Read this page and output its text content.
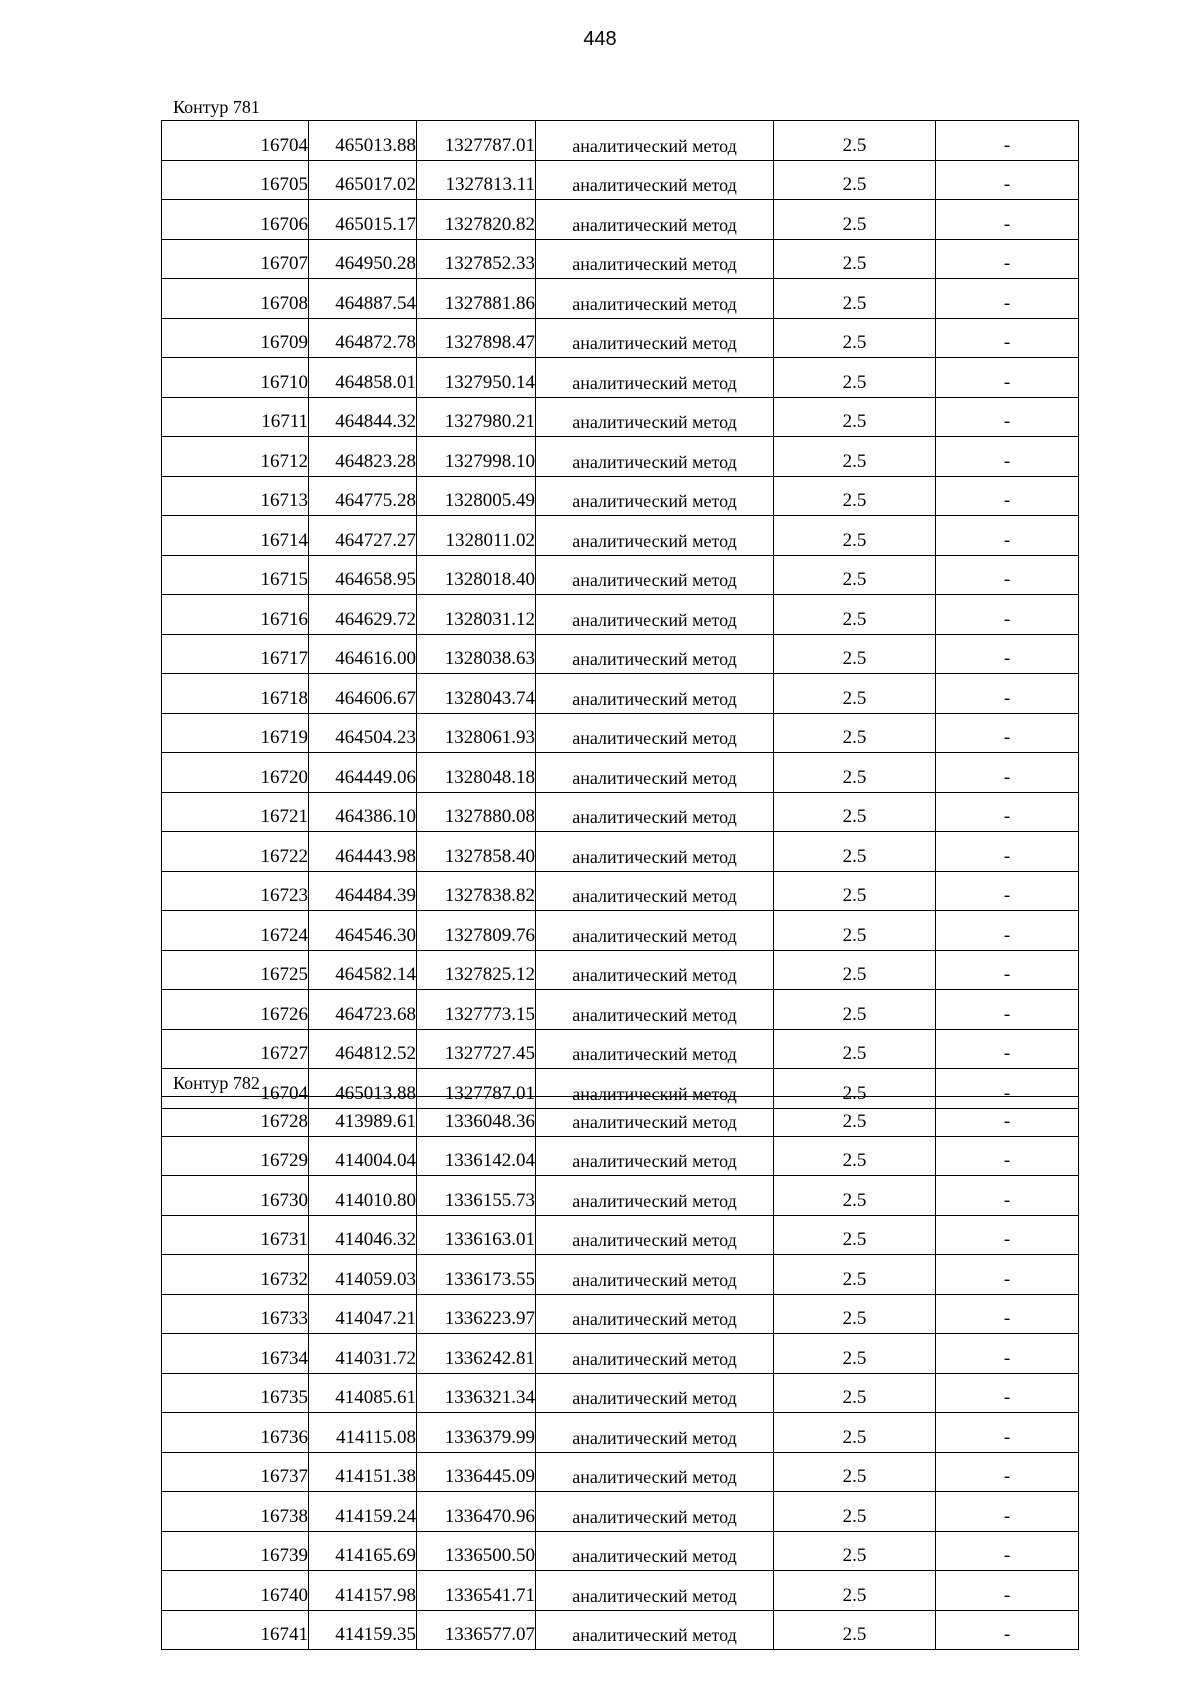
448
Контур 781
16704	465013.88	1327787.01	аналитический метод	2.5	-
16705	465017.02	1327813.11	аналитический метод	2.5	-
16706	465015.17	1327820.82	аналитический метод	2.5	-
16707	464950.28	1327852.33	аналитический метод	2.5	-
16708	464887.54	1327881.86	аналитический метод	2.5	-
16709	464872.78	1327898.47	аналитический метод	2.5	-
16710	464858.01	1327950.14	аналитический метод	2.5	-
16711	464844.32	1327980.21	аналитический метод	2.5	-
16712	464823.28	1327998.10	аналитический метод	2.5	-
16713	464775.28	1328005.49	аналитический метод	2.5	-
16714	464727.27	1328011.02	аналитический метод	2.5	-
16715	464658.95	1328018.40	аналитический метод	2.5	-
16716	464629.72	1328031.12	аналитический метод	2.5	-
16717	464616.00	1328038.63	аналитический метод	2.5	-
16718	464606.67	1328043.74	аналитический метод	2.5	-
16719	464504.23	1328061.93	аналитический метод	2.5	-
16720	464449.06	1328048.18	аналитический метод	2.5	-
16721	464386.10	1327880.08	аналитический метод	2.5	-
16722	464443.98	1327858.40	аналитический метод	2.5	-
16723	464484.39	1327838.82	аналитический метод	2.5	-
16724	464546.30	1327809.76	аналитический метод	2.5	-
16725	464582.14	1327825.12	аналитический метод	2.5	-
16726	464723.68	1327773.15	аналитический метод	2.5	-
16727	464812.52	1327727.45	аналитический метод	2.5	-
16704	465013.88	1327787.01	аналитический метод	2.5	-
Контур 782
16728	413989.61	1336048.36	аналитический метод	2.5	-
16729	414004.04	1336142.04	аналитический метод	2.5	-
16730	414010.80	1336155.73	аналитический метод	2.5	-
16731	414046.32	1336163.01	аналитический метод	2.5	-
16732	414059.03	1336173.55	аналитический метод	2.5	-
16733	414047.21	1336223.97	аналитический метод	2.5	-
16734	414031.72	1336242.81	аналитический метод	2.5	-
16735	414085.61	1336321.34	аналитический метод	2.5	-
16736	414115.08	1336379.99	аналитический метод	2.5	-
16737	414151.38	1336445.09	аналитический метод	2.5	-
16738	414159.24	1336470.96	аналитический метод	2.5	-
16739	414165.69	1336500.50	аналитический метод	2.5	-
16740	414157.98	1336541.71	аналитический метод	2.5	-
16741	414159.35	1336577.07	аналитический метод	2.5	-
